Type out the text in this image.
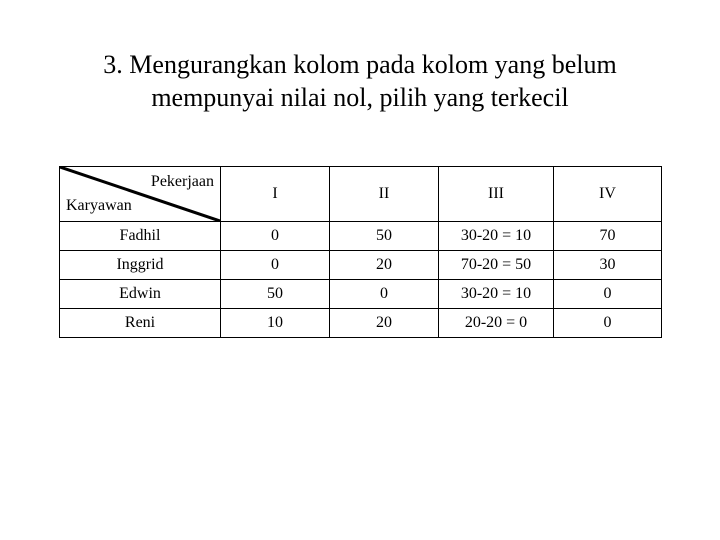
3. Mengurangkan kolom pada kolom yang belum
mempunyai nilai nol, pilih yang terkecil
Pekerjaan
Karyawan	I	II	III	IV
Fadhil	0	50	30-20 = 10	70
Inggrid	0	20	70-20 = 50	30
Edwin	50	0	30-20 = 10	0
Reni	10	20	20-20 = 0	0
